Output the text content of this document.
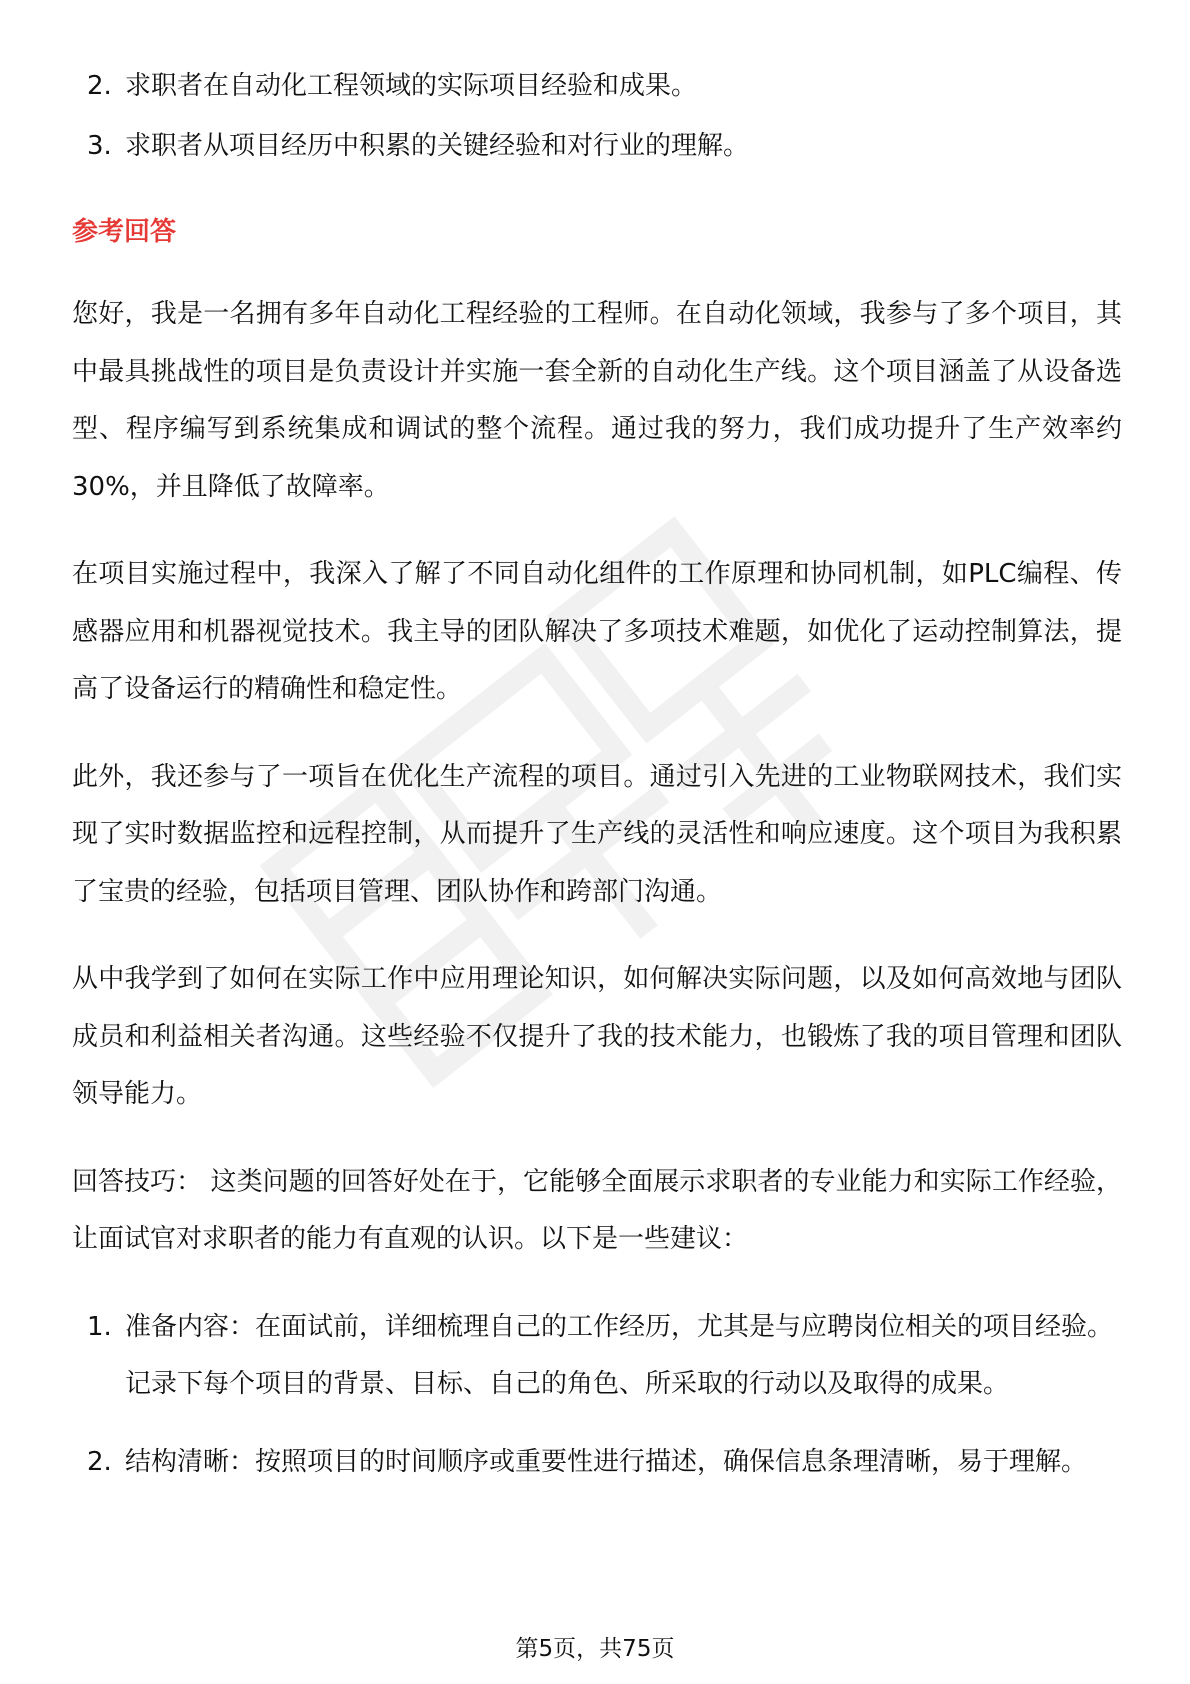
2. 求职者在自动化工程领域的实际项目经验和成果。
3. 求职者从项目经历中积累的关键经验和对行业的理解。
参考回答

您好，我是一名拥有多年自动化工程经验的工程师。在自动化领域，我参与了多个项目，其中最具挑战性的项目是负责设计并实施一套全新的自动化生产线。这个项目涵盖了从设备选型、程序编写到系统集成和调试的整个流程。通过我的努力，我们成功提升了生产效率约30%，并且降低了故障率。

在项目实施过程中，我深入了解了不同自动化组件的工作原理和协同机制，如PLC编程、传感器应用和机器视觉技术。我主导的团队解决了多项技术难题，如优化了运动控制算法，提高了设备运行的精确性和稳定性。

此外，我还参与了一项旨在优化生产流程的项目。通过引入先进的工业物联网技术，我们实现了实时数据监控和远程控制，从而提升了生产线的灵活性和响应速度。这个项目为我积累了宝贵的经验，包括项目管理、团队协作和跨部门沟通。

从中我学到了如何在实际工作中应用理论知识，如何解决实际问题，以及如何高效地与团队成员和利益相关者沟通。这些经验不仅提升了我的技术能力，也锻炼了我的项目管理和团队领导能力。

回答技巧： 这类问题的回答好处在于，它能够全面展示求职者的专业能力和实际工作经验，让面试官对求职者的能力有直观的认识。以下是一些建议：

1. 准备内容：在面试前，详细梳理自己的工作经历，尤其是与应聘岗位相关的项目经验。记录下每个项目的背景、目标、自己的角色、所采取的行动以及取得的成果。
2. 结构清晰：按照项目的时间顺序或重要性进行描述，确保信息条理清晰，易于理解。
第5页，共75页
